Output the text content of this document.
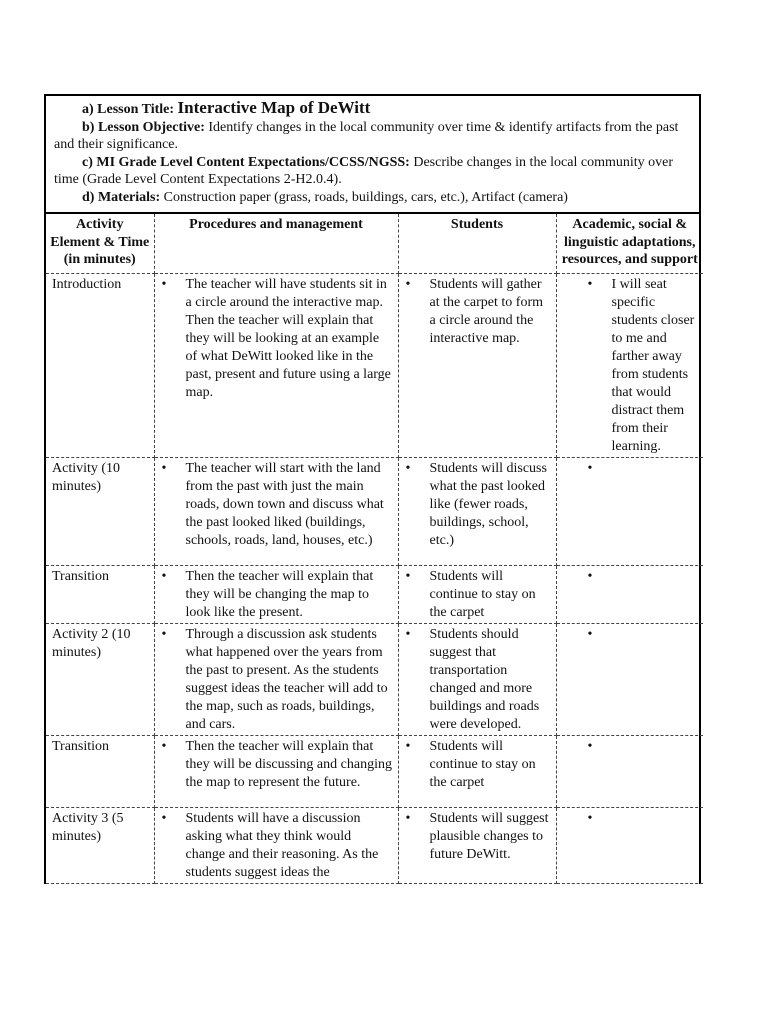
a) Lesson Title: Interactive Map of DeWitt

b) Lesson Objective: Identify changes in the local community over time & identify artifacts from the past and their significance.

c) MI Grade Level Content Expectations/CCSS/NGSS: Describe changes in the local community over time (Grade Level Content Expectations 2-H2.0.4).

d) Materials: Construction paper (grass, roads, buildings, cars, etc.), Artifact (camera)

Activity Element & Time (in minutes)	Procedures and management	Students	Academic, social & linguistic adaptations, resources, and support
Introduction	• The teacher will have students sit in a circle around the interactive map. Then the teacher will explain that they will be looking at an example of what DeWitt looked like in the past, present and future using a large map.	• Students will gather at the carpet to form a circle around the interactive map.	• I will seat specific students closer to me and farther away from students that would distract them from their learning.

Activity (10 minutes)	• The teacher will start with the land from the past with just the main roads, down town and discuss what the past looked liked (buildings, schools, roads, land, houses, etc.)	• Students will discuss what the past looked like (fewer roads, buildings, school, etc.)

Transition	• Then the teacher will explain that they will be changing the map to look like the present.	• Students will continue to stay on the carpet

Activity 2 (10 minutes)	• Through a discussion ask students what happened over the years from the past to present. As the students suggest ideas the teacher will add to the map, such as roads, buildings, and cars.	• Students should suggest that transportation changed and more buildings and roads were developed.

Transition	• Then the teacher will explain that they will be discussing and changing the map to represent the future.	• Students will continue to stay on the carpet

Activity 3 (5 minutes)	• Students will have a discussion asking what they think would change and their reasoning. As the students suggest ideas the	• Students will suggest plausible changes to future DeWitt.
